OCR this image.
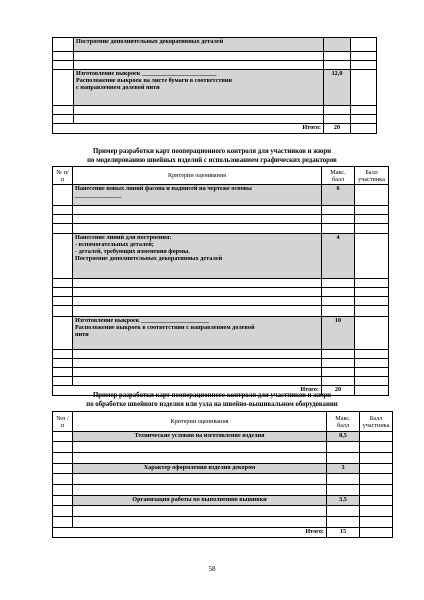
	Построение дополнительных декоративных деталей		

	Изготовление выкроек ________________________
Расположение выкроек на листе бумаги в соответствии
с направлением долевой нити	12,0	

Итого:		20	
Пример разработки карт пооперационного контроля для участников и жюри
по моделированию швейных изделий с использованием графических редакторов
№ п/п	Критерии оценивания	Макс. балл	Балл участника

	Нанесение новых линий фасона и надписей на чертеже основы
_______________	6	

	Нанесение линий для построения:
- вспомогательных деталей;
- деталей, требующих изменения формы.
Построение дополнительных декоративных деталей	4	

	Изготовление выкроек ______________________
Расположение выкроек в соответствии с направлением долевой
нити	10	

Итого:		20	
Пример разработки карт пооперационного контроля для участников и жюри
по обработке швейного изделия или узла на швейно-вышивальном оборудовании
№п /п	Критерии оценивания	Макс. балл	Балл участника
	Технические условия на изготовление изделия	8,5	

	Характер оформления изделия декором	3	

	Организация работы по выполнению вышивки	3,5	

Итого:		15	
58
